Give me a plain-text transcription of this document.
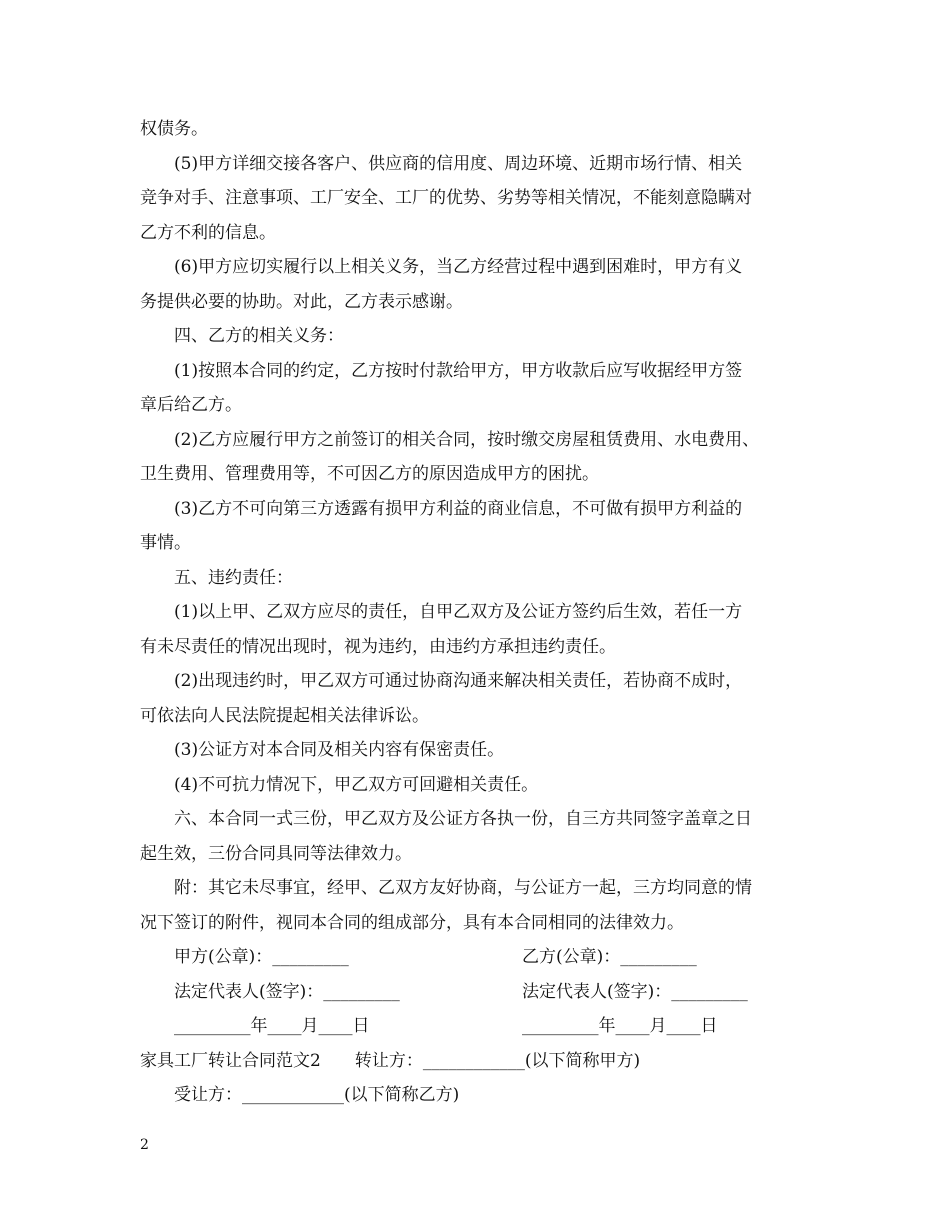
权债务。
(5)甲方详细交接各客户、供应商的信用度、周边环境、近期市场行情、相关
竞争对手、注意事项、工厂安全、工厂的优势、劣势等相关情况，不能刻意隐瞒对
乙方不利的信息。
(6)甲方应切实履行以上相关义务，当乙方经营过程中遇到困难时，甲方有义
务提供必要的协助。对此，乙方表示感谢。
四、乙方的相关义务：
(1)按照本合同的约定，乙方按时付款给甲方，甲方收款后应写收据经甲方签
章后给乙方。
(2)乙方应履行甲方之前签订的相关合同，按时缴交房屋租赁费用、水电费用、
卫生费用、管理费用等，不可因乙方的原因造成甲方的困扰。
(3)乙方不可向第三方透露有损甲方利益的商业信息，不可做有损甲方利益的
事情。
五、违约责任：
(1)以上甲、乙双方应尽的责任，自甲乙双方及公证方签约后生效，若任一方
有未尽责任的情况出现时，视为违约，由违约方承担违约责任。
(2)出现违约时，甲乙双方可通过协商沟通来解决相关责任，若协商不成时，
可依法向人民法院提起相关法律诉讼。
(3)公证方对本合同及相关内容有保密责任。
(4)不可抗力情况下，甲乙双方可回避相关责任。
六、本合同一式三份，甲乙双方及公证方各执一份，自三方共同签字盖章之日
起生效，三份合同具同等法律效力。
附：其它未尽事宜，经甲、乙双方友好协商，与公证方一起，三方均同意的情
况下签订的附件，视同本合同的组成部分，具有本合同相同的法律效力。
甲方(公章)：_________	乙方(公章)：_________
法定代表人(签字)：_________	法定代表人(签字)：_________
_________年____月____日	_________年____月____日
家具工厂转让合同范文2　　转让方：____________(以下简称甲方)
受让方：____________(以下简称乙方)
2
